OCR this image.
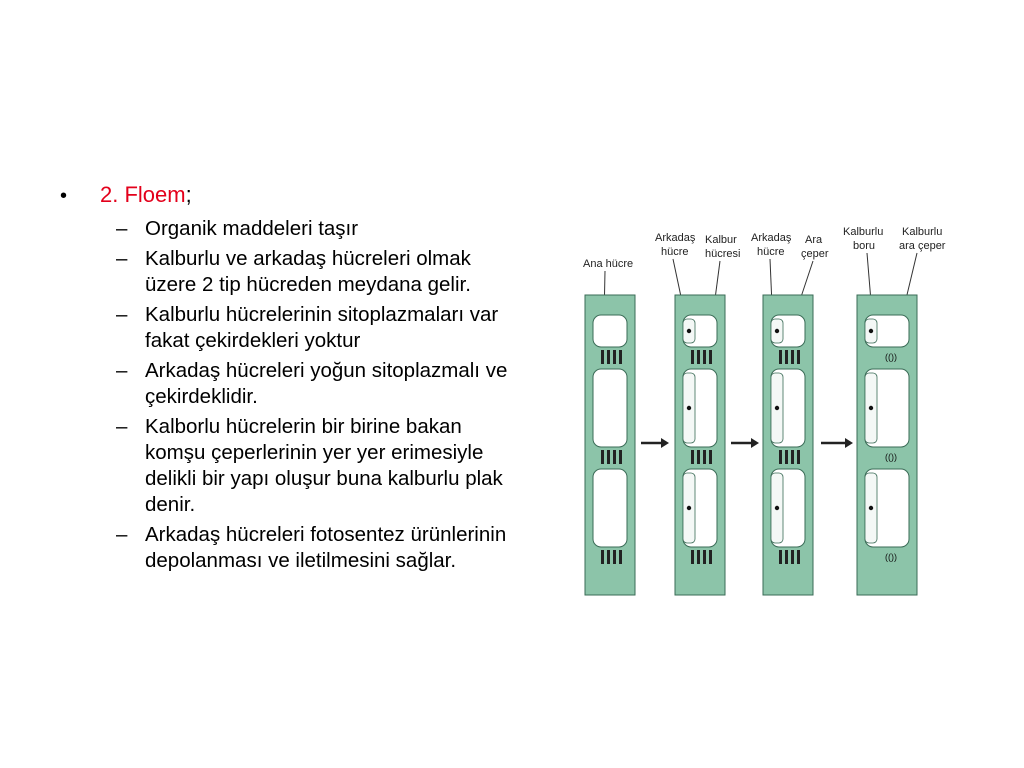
•	2. Floem ;
– Organik maddeleri taşır
– Kalburlu ve arkadaş hücreleri olmak üzere 2 tip hücreden meydana gelir.
– Kalburlu hücrelerinin sitoplazmaları var fakat çekirdekleri yoktur
– Arkadaş hücreleri yoğun sitoplazmalı ve çekirdeklidir.
– Kalborlu hücrelerin bir birine bakan komşu çeperlerinin yer yer erimesiyle delikli bir yapı oluşur buna kalburlu plak denir.
– Arkadaş hücreleri fotosentez ürünlerinin depolanması ve iletilmesini sağlar.
Ana hücre
Arkadaş
hücre
Kalbur
hücresi
Arkadaş
hücre
Ara
çeper
Kalburlu
boru
Kalburlu
ara çeper
(())
(())
(())
